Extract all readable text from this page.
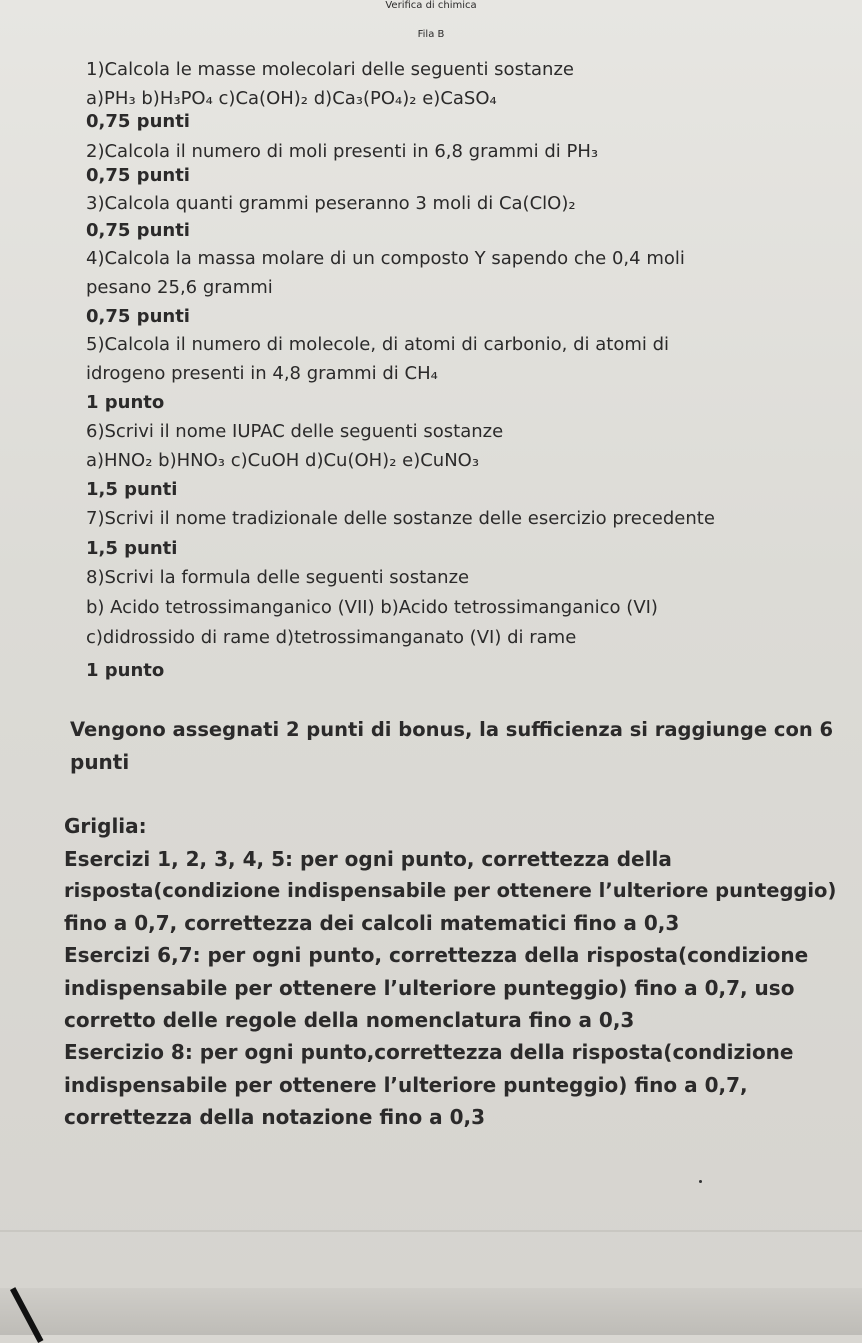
Verifica di chimica
Fila B
1)Calcola le masse molecolari delle seguenti sostanze
a)PH₃ b)H₃PO₄ c)Ca(OH)₂ d)Ca₃(PO₄)₂ e)CaSO₄
0,75 punti
2)Calcola il numero di moli presenti in 6,8 grammi di PH₃
0,75 punti
3)Calcola quanti grammi peseranno 3 moli di Ca(ClO)₂
0,75 punti
4)Calcola la massa molare di un composto Y sapendo che 0,4 moli
pesano 25,6 grammi
0,75 punti
5)Calcola il numero di molecole, di atomi di carbonio, di atomi di
idrogeno presenti in 4,8 grammi di CH₄
1 punto
6)Scrivi il nome IUPAC delle seguenti sostanze
a)HNO₂ b)HNO₃ c)CuOH d)Cu(OH)₂ e)CuNO₃
1,5 punti
7)Scrivi il nome tradizionale delle sostanze delle esercizio precedente
1,5 punti
8)Scrivi la formula delle seguenti sostanze
b) Acido tetrossimanganico (VII) b)Acido tetrossimanganico (VI)
c)didrossido di rame d)tetrossimanganato (VI) di rame
1 punto
Vengono assegnati 2 punti di bonus, la sufficienza si raggiunge con 6
punti
Griglia:
Esercizi 1, 2, 3, 4, 5: per ogni punto, correttezza della
risposta(condizione indispensabile per ottenere l’ulteriore punteggio)
fino a 0,7, correttezza dei calcoli matematici fino a 0,3
Esercizi 6,7: per ogni punto, correttezza della risposta(condizione
indispensabile per ottenere l’ulteriore punteggio) fino a 0,7, uso
corretto delle regole della nomenclatura fino a 0,3
Esercizio 8: per ogni punto,correttezza della risposta(condizione
indispensabile per ottenere l’ulteriore punteggio) fino a 0,7,
correttezza della notazione fino a 0,3
